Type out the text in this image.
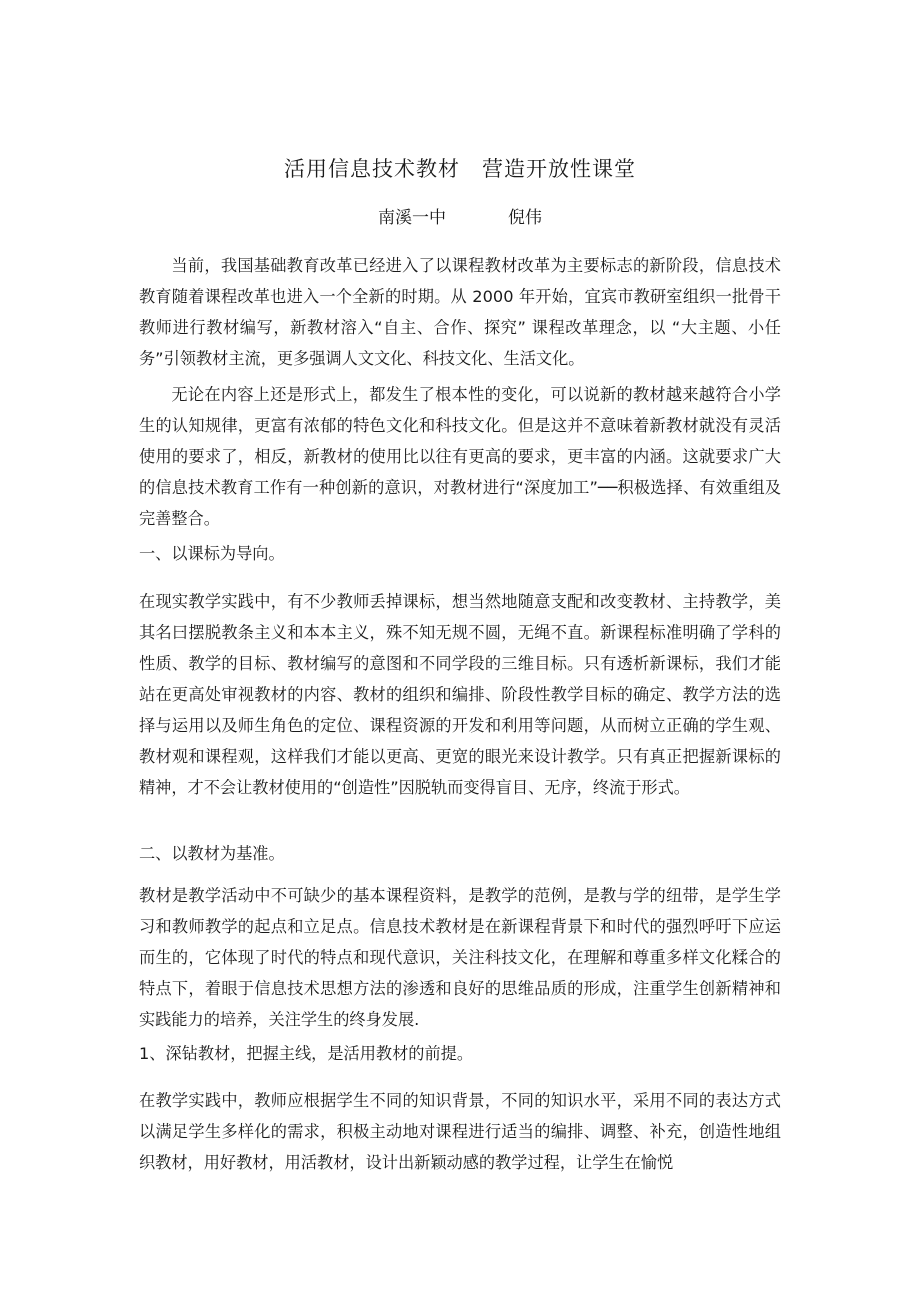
活用信息技术教材　营造开放性课堂
南溪一中	倪伟
当前，我国基础教育改革已经进入了以课程教材改革为主要标志的新阶段，信息技术教育随着课程改革也进入一个全新的时期。从 2000 年开始，宜宾市教研室组织一批骨干教师进行教材编写，新教材溶入“自主、合作、探究” 课程改革理念，以 “大主题、小任务”引领教材主流，更多强调人文文化、科技文化、生活文化。
无论在内容上还是形式上，都发生了根本性的变化，可以说新的教材越来越符合小学生的认知规律，更富有浓郁的特色文化和科技文化。但是这并不意味着新教材就没有灵活使用的要求了，相反，新教材的使用比以往有更高的要求，更丰富的内涵。这就要求广大的信息技术教育工作有一种创新的意识，对教材进行“深度加工”──积极选择、有效重组及完善整合。
一、以课标为导向。
在现实教学实践中，有不少教师丢掉课标，想当然地随意支配和改变教材、主持教学，美其名曰摆脱教条主义和本本主义，殊不知无规不圆，无绳不直。新课程标准明确了学科的性质、教学的目标、教材编写的意图和不同学段的三维目标。只有透析新课标，我们才能站在更高处审视教材的内容、教材的组织和编排、阶段性教学目标的确定、教学方法的选择与运用以及师生角色的定位、课程资源的开发和利用等问题，从而树立正确的学生观、教材观和课程观，这样我们才能以更高、更宽的眼光来设计教学。只有真正把握新课标的精神，才不会让教材使用的“创造性”因脱轨而变得盲目、无序，终流于形式。
二、以教材为基准。
教材是教学活动中不可缺少的基本课程资料，是教学的范例，是教与学的纽带，是学生学习和教师教学的起点和立足点。信息技术教材是在新课程背景下和时代的强烈呼吁下应运而生的，它体现了时代的特点和现代意识，关注科技文化，在理解和尊重多样文化糅合的特点下，着眼于信息技术思想方法的渗透和良好的思维品质的形成，注重学生创新精神和实践能力的培养，关注学生的终身发展.
1、深钻教材，把握主线，是活用教材的前提。
在教学实践中，教师应根据学生不同的知识背景，不同的知识水平，采用不同的表达方式以满足学生多样化的需求，积极主动地对课程进行适当的编排、调整、补充，创造性地组织教材，用好教材，用活教材，设计出新颖动感的教学过程，让学生在愉悦
